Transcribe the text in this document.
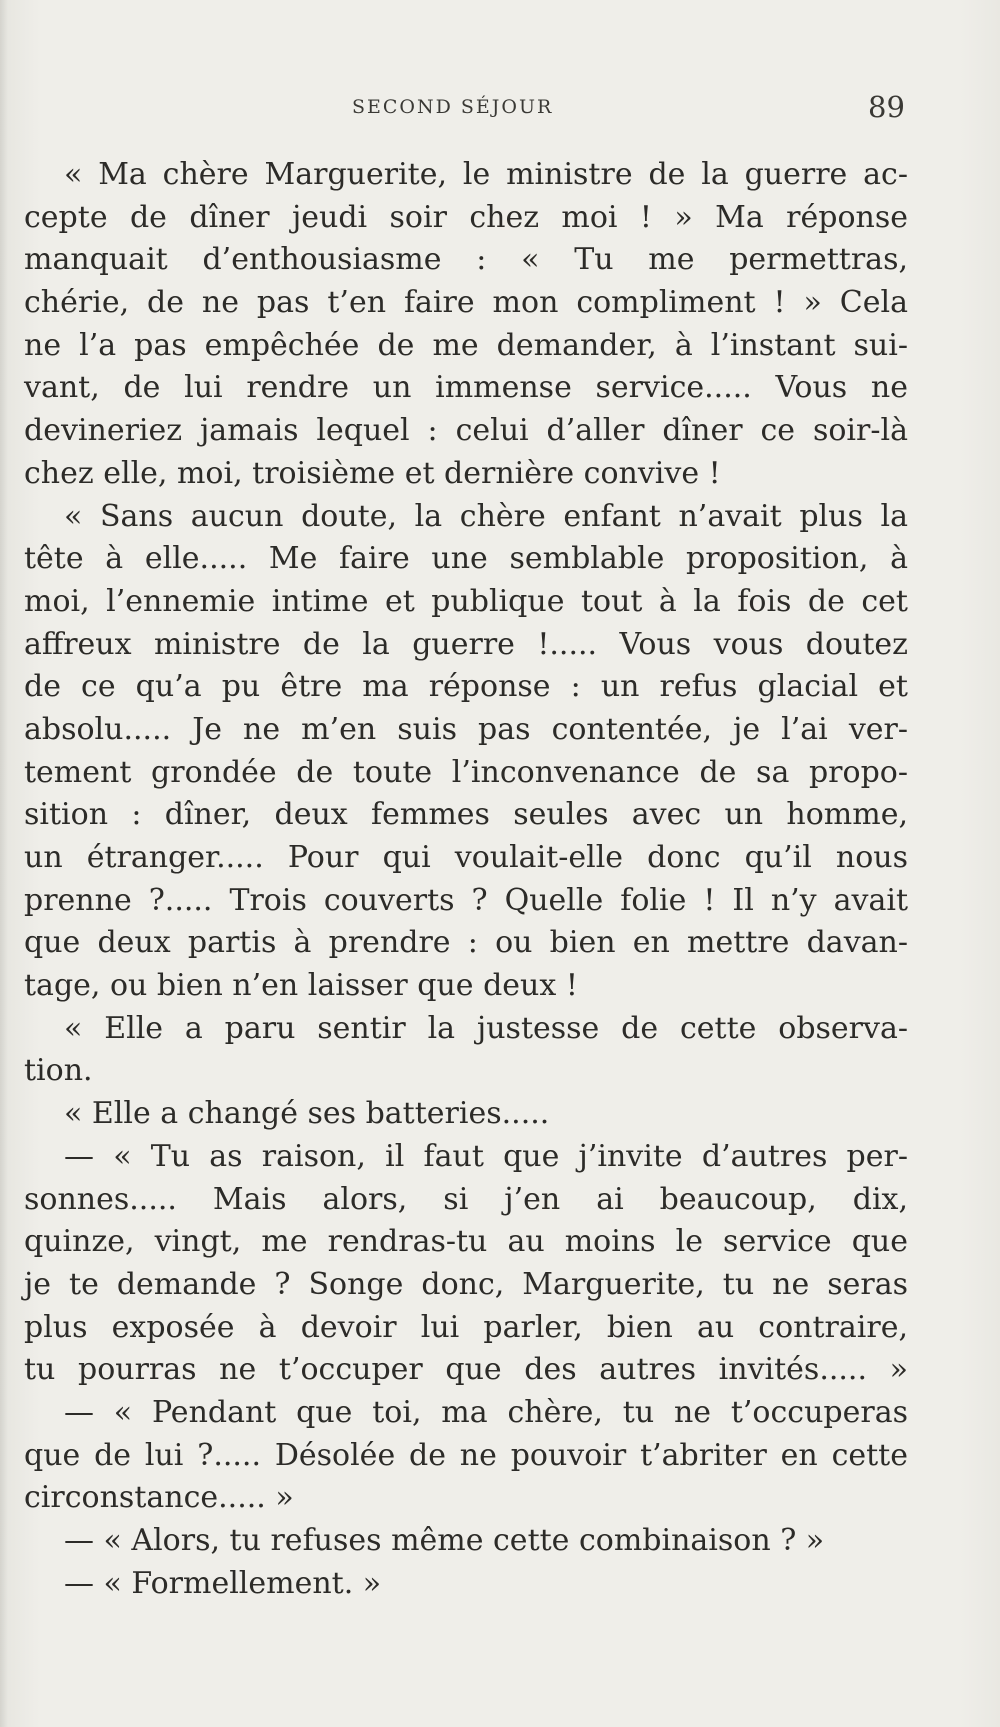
SECOND SÉJOUR	89
« Ma chère Marguerite, le ministre de la guerre ac-
cepte de dîner jeudi soir chez moi ! » Ma réponse
manquait d’enthousiasme : « Tu me permettras,
chérie, de ne pas t’en faire mon compliment ! » Cela
ne l’a pas empêchée de me demander, à l’instant sui-
vant, de lui rendre un immense service..... Vous ne
devineriez jamais lequel : celui d’aller dîner ce soir-là
chez elle, moi, troisième et dernière convive !
« Sans aucun doute, la chère enfant n’avait plus la
tête à elle..... Me faire une semblable proposition, à
moi, l’ennemie intime et publique tout à la fois de cet
affreux ministre de la guerre !..... Vous vous doutez
de ce qu’a pu être ma réponse : un refus glacial et
absolu..... Je ne m’en suis pas contentée, je l’ai ver-
tement grondée de toute l’inconvenance de sa propo-
sition : dîner, deux femmes seules avec un homme,
un étranger..... Pour qui voulait-elle donc qu’il nous
prenne ?..... Trois couverts ? Quelle folie ! Il n’y avait
que deux partis à prendre : ou bien en mettre davan-
tage, ou bien n’en laisser que deux !
« Elle a paru sentir la justesse de cette observa-
tion.
« Elle a changé ses batteries.....
— « Tu as raison, il faut que j’invite d’autres per-
sonnes..... Mais alors, si j’en ai beaucoup, dix,
quinze, vingt, me rendras-tu au moins le service que
je te demande ? Songe donc, Marguerite, tu ne seras
plus exposée à devoir lui parler, bien au contraire,
tu pourras ne t’occuper que des autres invités..... »
— « Pendant que toi, ma chère, tu ne t’occuperas
que de lui ?..... Désolée de ne pouvoir t’abriter en cette
circonstance..... »
— « Alors, tu refuses même cette combinaison ? »
— « Formellement. »
